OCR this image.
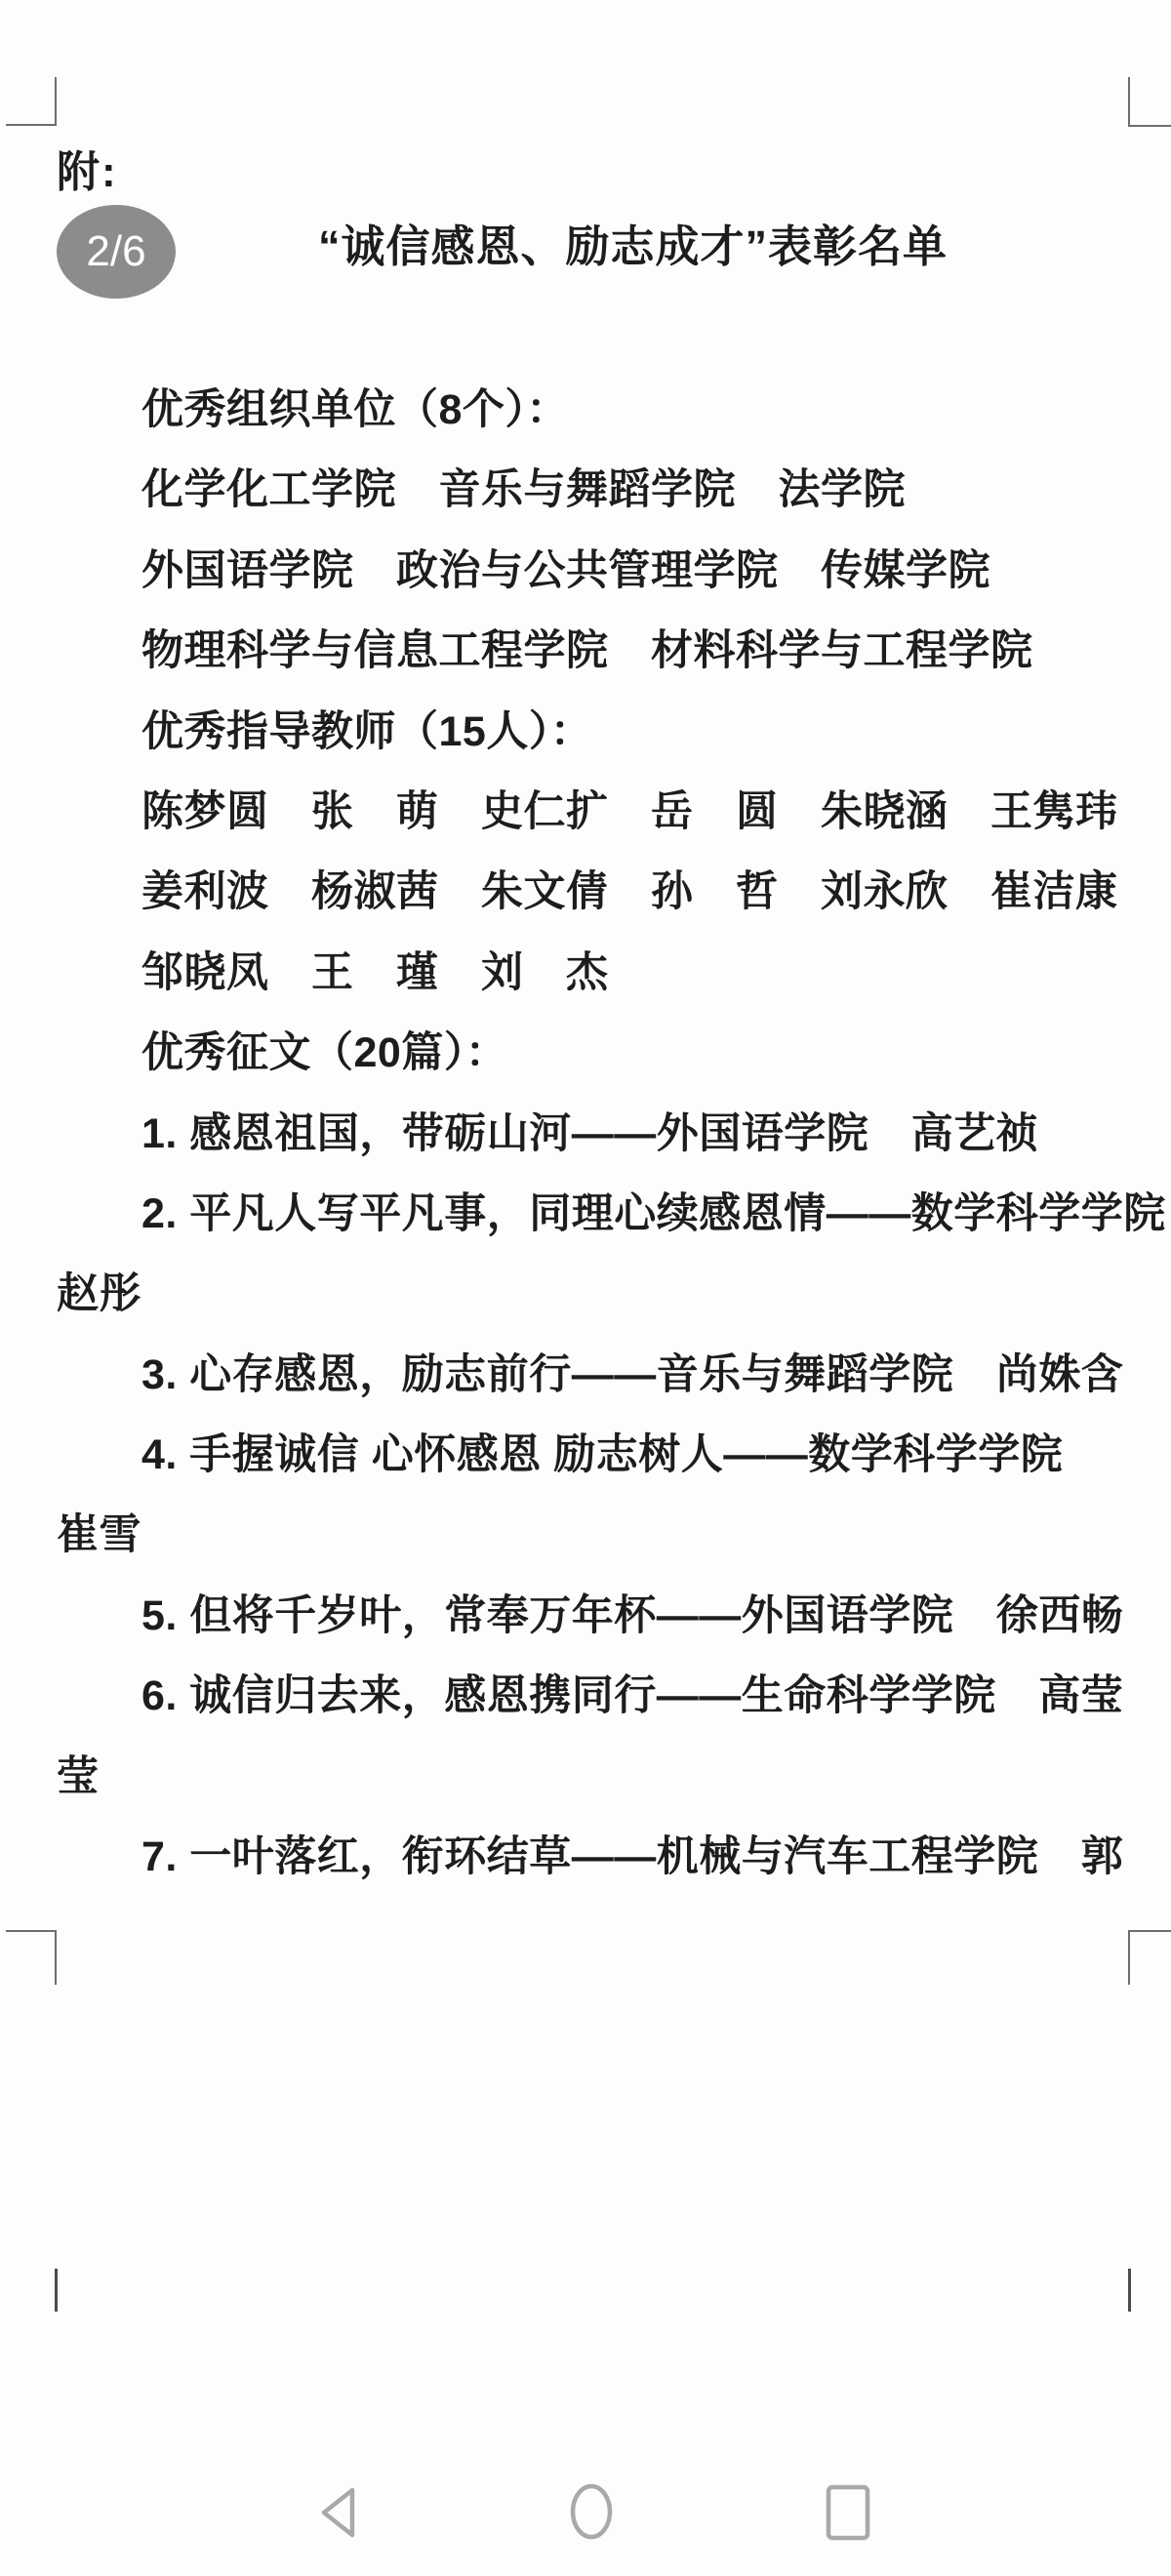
附:
2/6	“诚信感恩、励志成才”表彰名单
优秀组织单位（8个）：
化学化工学院　音乐与舞蹈学院　法学院
外国语学院　政治与公共管理学院　传媒学院
物理科学与信息工程学院　材料科学与工程学院
优秀指导教师（15人）：
陈梦圆　张　萌　史仁扩　岳　圆　朱晓涵　王隽玮
姜利波　杨淑茜　朱文倩　孙　哲　刘永欣　崔洁康
邹晓凤　王　瑾　刘　杰
优秀征文（20篇）：
1. 感恩祖国，带砺山河——外国语学院　高艺祯
2. 平凡人写平凡事，同理心续感恩情——数学科学学院
赵彤
3. 心存感恩，励志前行——音乐与舞蹈学院　尚姝含
4. 手握诚信 心怀感恩 励志树人——数学科学学院
崔雪
5. 但将千岁叶，常奉万年杯——外国语学院　徐西畅
6. 诚信归去来，感恩携同行——生命科学学院　高莹
莹
7. 一叶落红，衔环结草——机械与汽车工程学院　郭
